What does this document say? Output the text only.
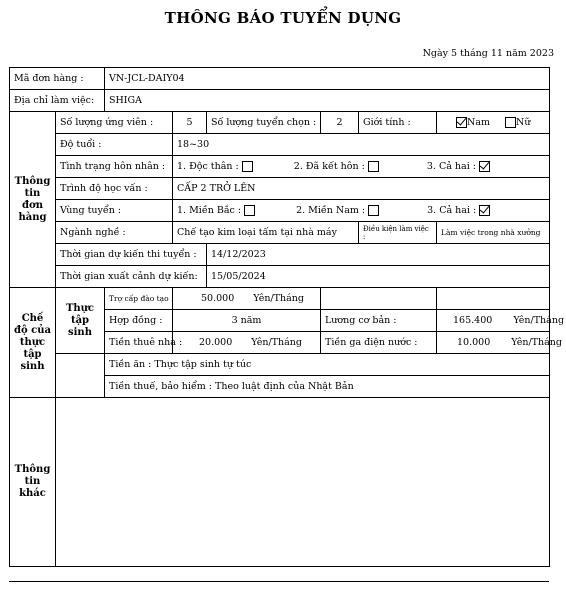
THÔNG BÁO TUYỂN DỤNG
Ngày 5 tháng 11 năm 2023
Mã đơn hàng :		VN-JCL-DAIY04					
Địa chỉ làm việc:		SHIGA					
Thông tin đơn hàng	Số lượng ứng viên :		5	Số lượng tuyển chọn :	2	Giới tính :	Nam Nữ
	Độ tuổi :		18~30				
	Tình trạng hôn nhân :		1. Độc thân : 2. Đã kết hôn : 3. Cả hai :				
	Trình độ học vấn :		CẤP 2 TRỞ LÊN				
	Vùng tuyển :		1. Miền Bắc : 2. Miền Nam : 3. Cả hai :				
	Ngành nghề :		Chế tạo kim loại tấm tại nhà máy			Điều kiện làm việc :	Làm việc trong nhà xưởng
	Thời gian dự kiến thi tuyển :			14/12/2023			
	Thời gian xuất cảnh dự kiến:			15/05/2024			
Chế độ của thực tập sinh	Thực tập sinh	Trợ cấp đào tạo :	50.000 Yên/Tháng				
		Hợp đồng :	3 năm		Lương cơ bản :		165.400 Yên/Tháng
		Tiền thuê nhà :	20.000 Yên/Tháng		Tiền ga điện nước :		10.000 Yên/Tháng
		Tiền ăn : Thực tập sinh tự túc					
		Tiền thuế, bảo hiểm : Theo luật định của Nhật Bản					
Thông tin khác							
